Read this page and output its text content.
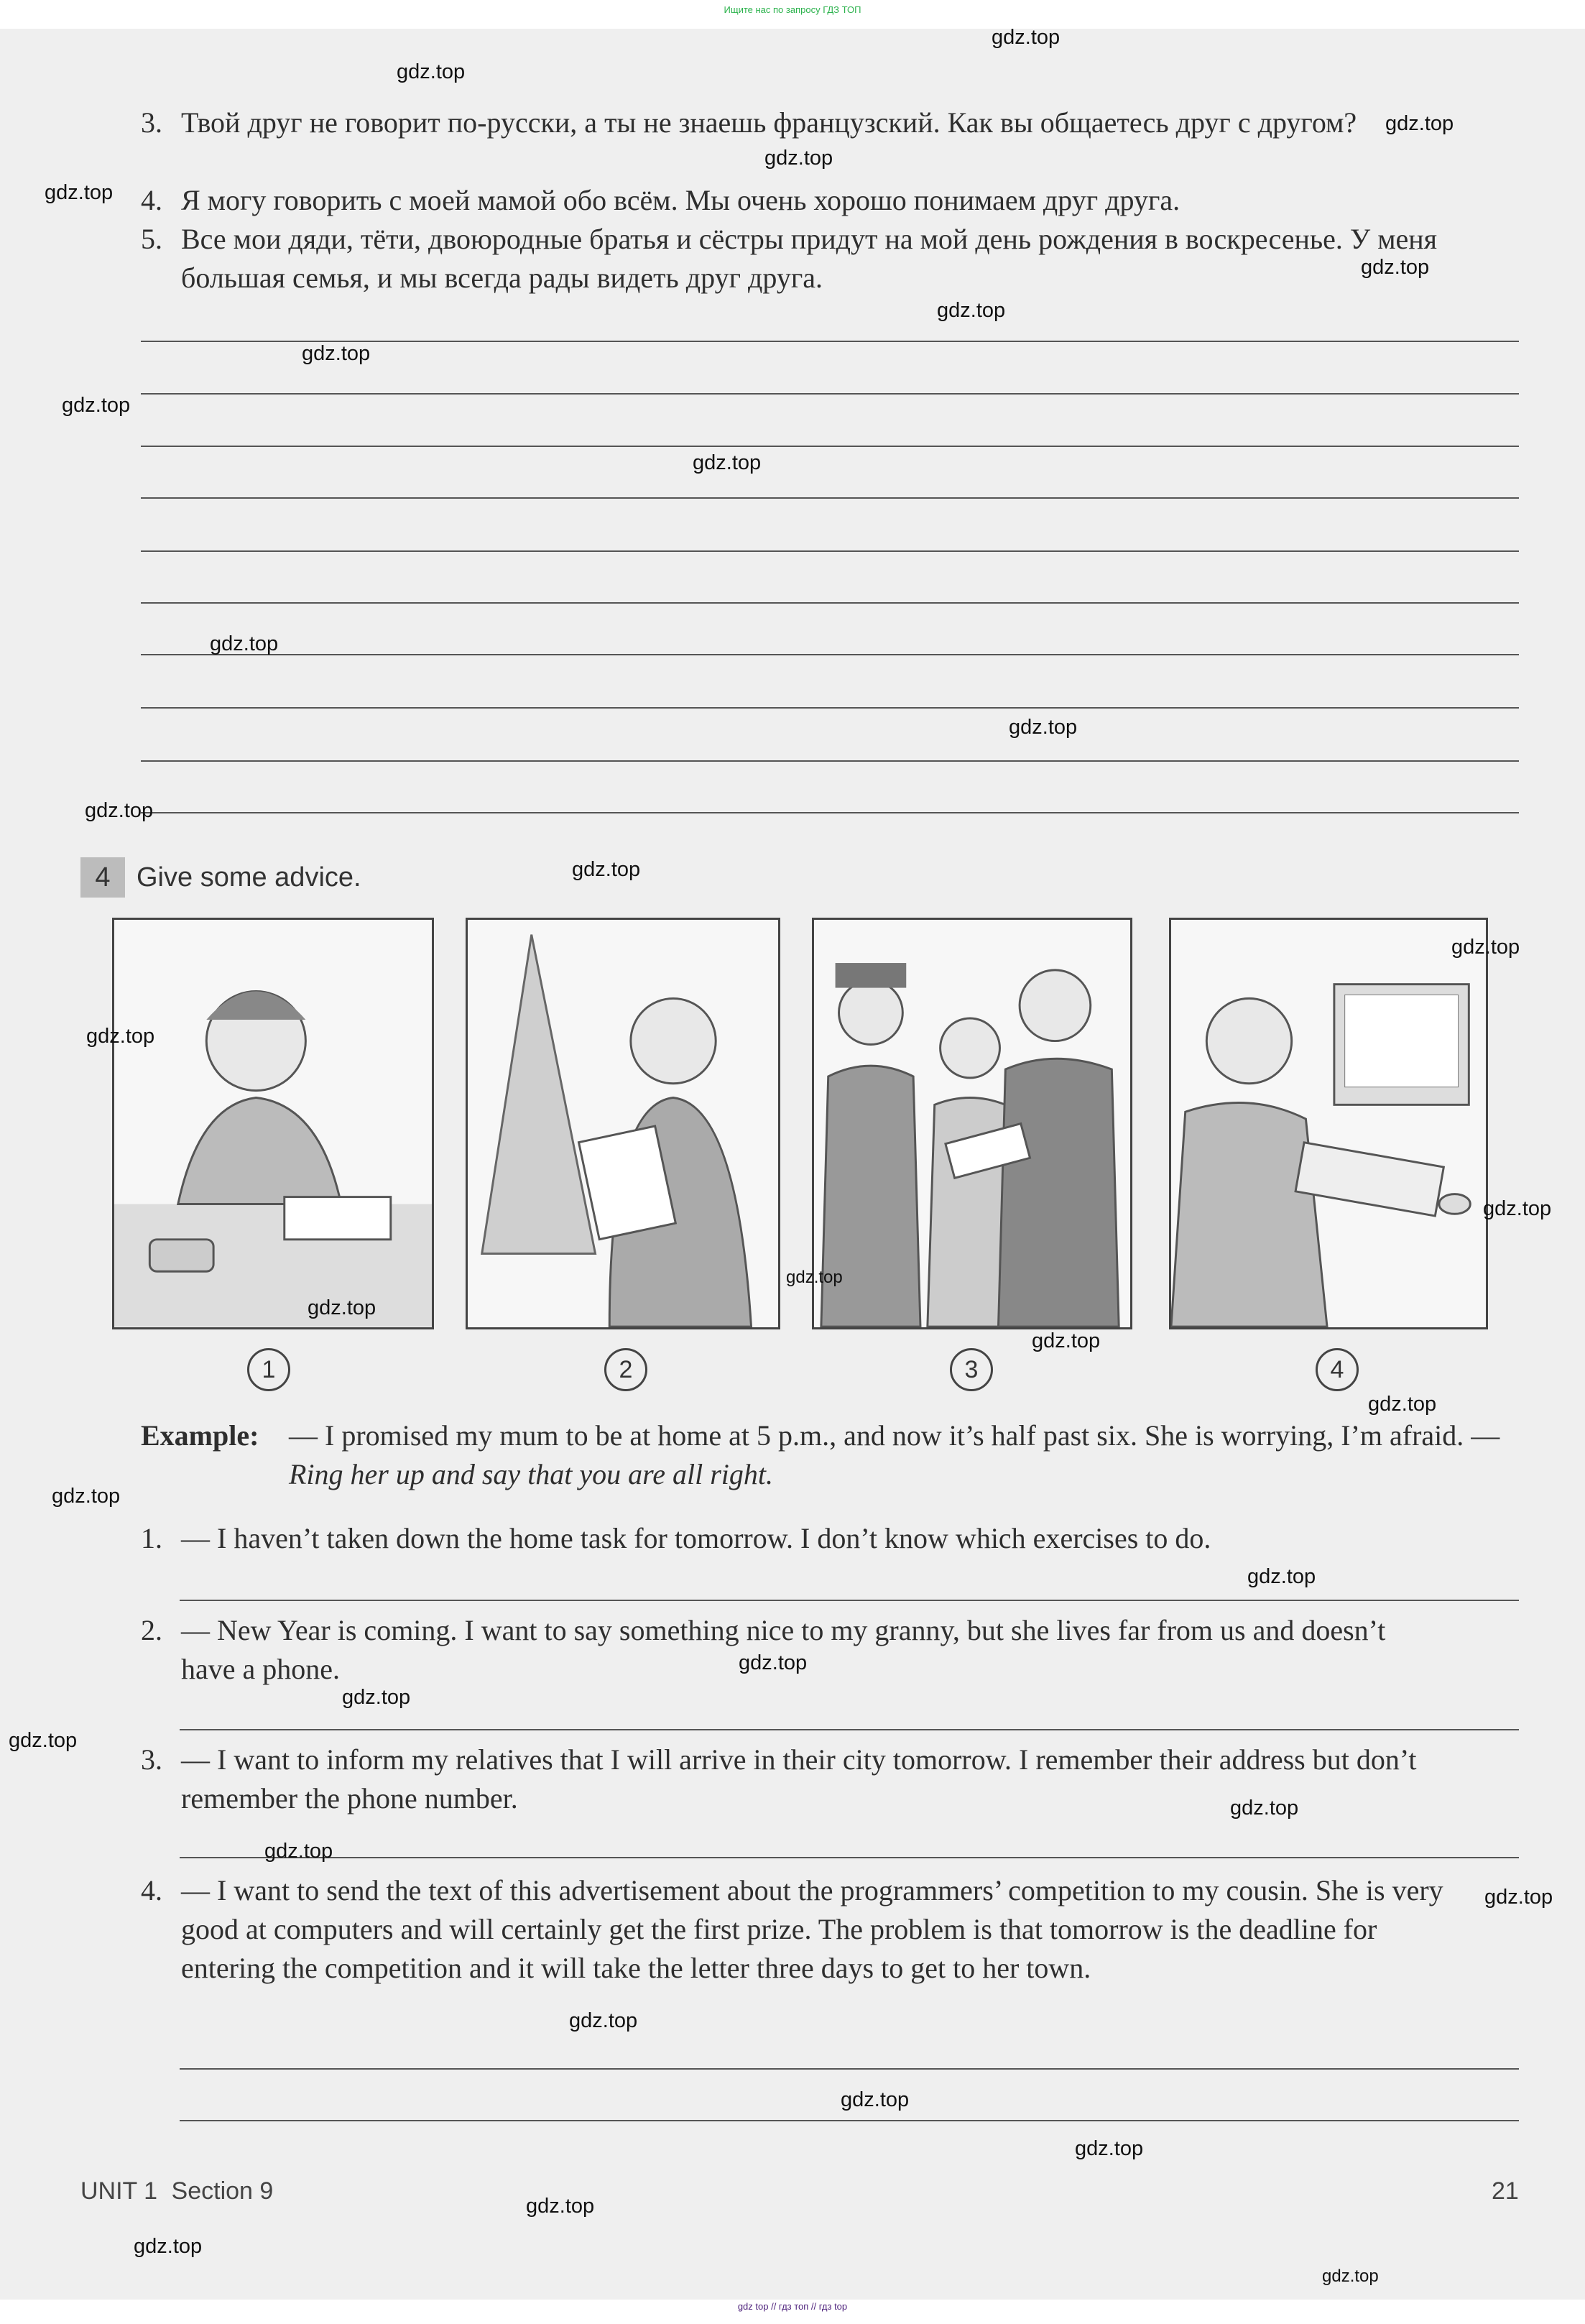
Ищите нас по запросу ГДЗ ТОП
3. Твой друг не говорит по-русски, а ты не знаешь французский. Как вы общаетесь друг с другом?
4. Я могу говорить с моей мамой обо всём. Мы очень хорошо понимаем друг друга.
5. Все мои дяди, тёти, двоюродные братья и сёстры придут на мой день рождения в воскресенье. У меня большая семья, и мы всегда рады видеть друг друга.
4 Give some advice.
1	2	3	4
Example:	— I promised my mum to be at home at 5 p.m., and now it’s half past six. She is worrying, I’m afraid. — Ring her up and say that you are all right.
1. — I haven’t taken down the home task for tomorrow. I don’t know which exercises to do.
2. — New Year is coming. I want to say something nice to my granny, but she lives far from us and doesn’t have a phone.
3. — I want to inform my relatives that I will arrive in their city tomorrow. I remember their address but don’t remember the phone number.
4. — I want to send the text of this advertisement about the programmers’ competition to my cousin. She is very good at computers and will certainly get the first prize. The problem is that tomorrow is the deadline for entering the competition and it will take the letter three days to get to her town.
UNIT 1 Section 9	21
gdz.top
gdz.top
gdz.top
gdz.top
gdz.top
gdz.top
gdz.top
gdz.top
gdz.top
gdz.top
gdz.top
gdz.top
gdz.top
gdz.top
gdz.top
gdz.top
gdz.top
gdz.top
gdz.top
gdz.top
gdz.top
gdz.top
gdz.top
gdz.top
gdz.top
gdz.top
gdz.top
gdz.top
gdz.top
gdz.top
gdz.top
gdz.top
gdz.top
gdz.top
gdz.top
gdz top // гдз топ // гдз top
